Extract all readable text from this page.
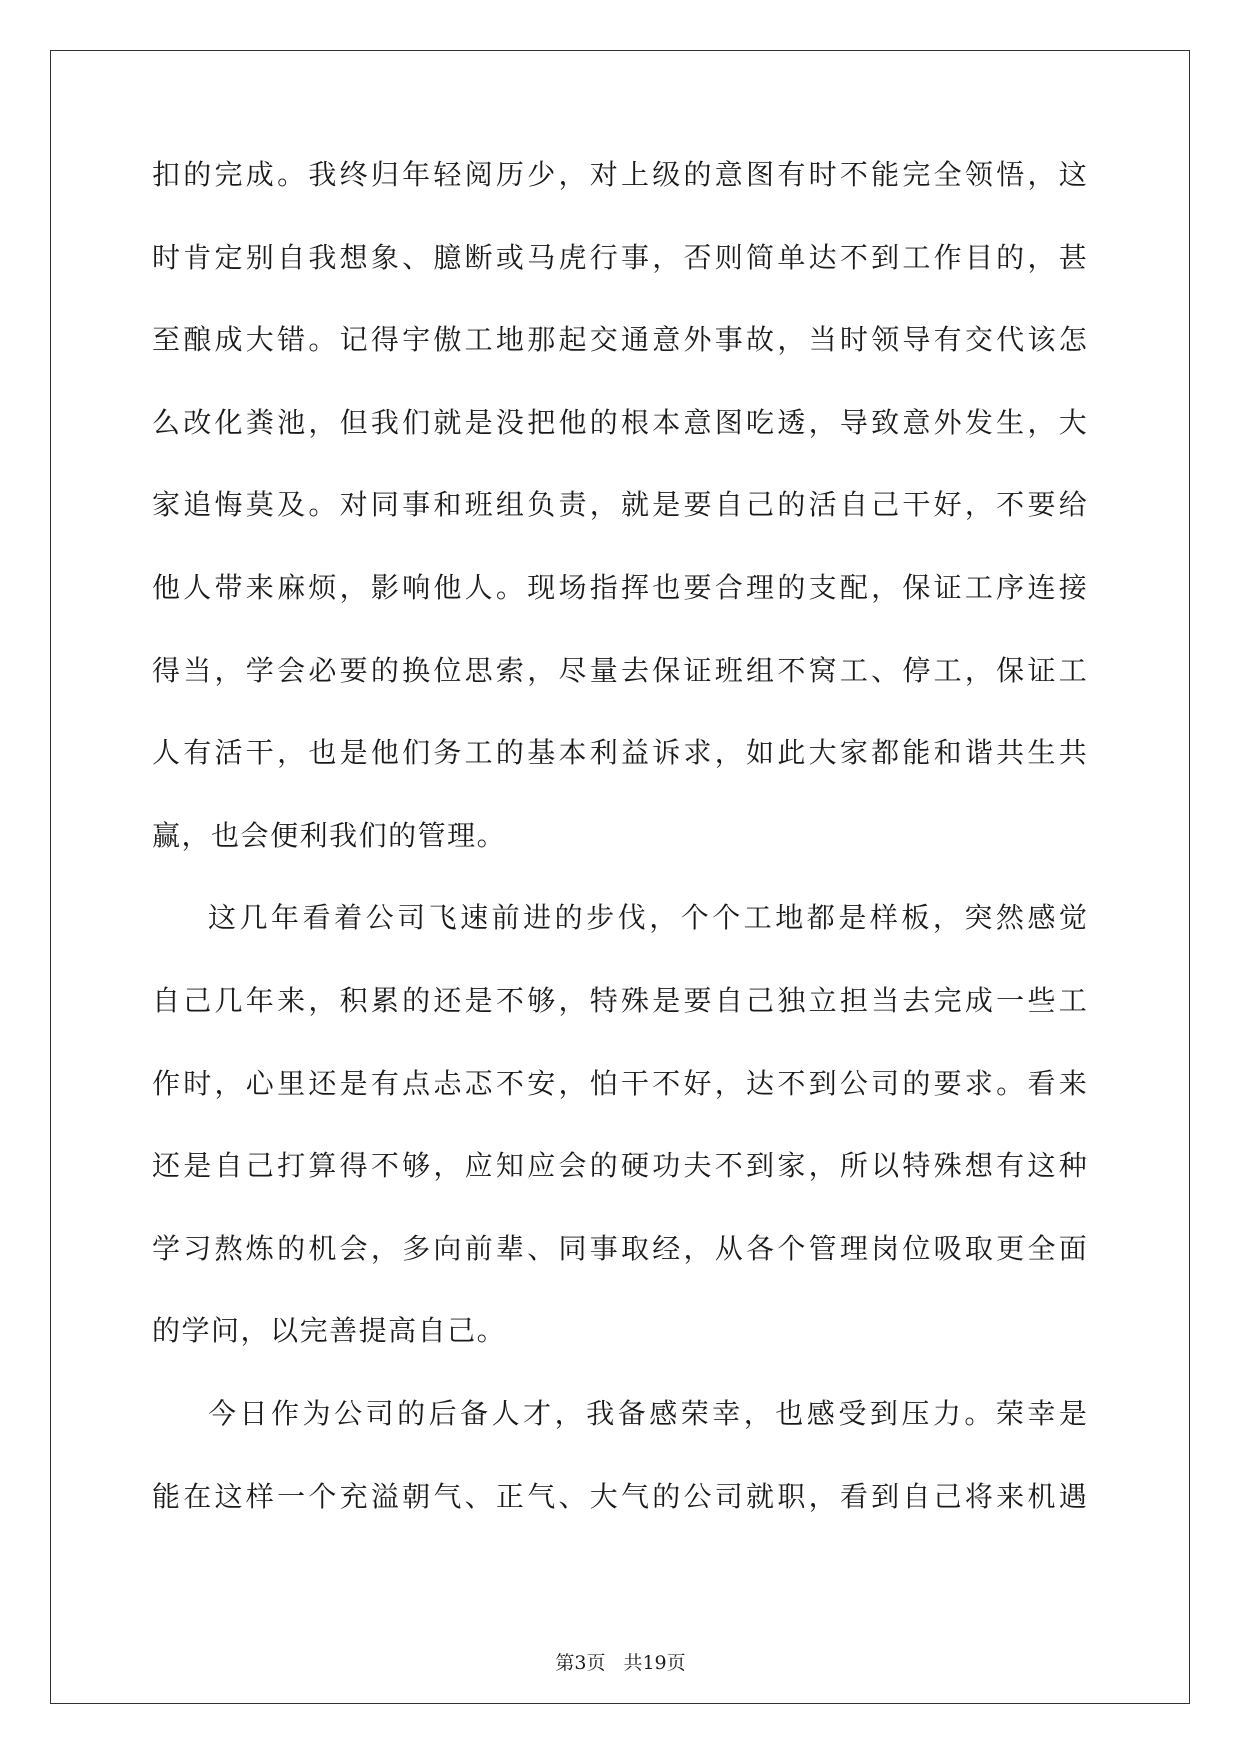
扣 的 完 成 。 我 终 归 年 轻 阅 历 少 ， 对 上 级 的 意 图 有 时 不 能 完 全 领 悟 ， 这
时 肯 定 别 自 我 想 象 、 臆 断 或 马 虎 行 事 ， 否 则 简 单 达 不 到 工 作 目 的 ， 甚
至 酿 成 大 错 。 记 得 宇 傲 工 地 那 起 交 通 意 外 事 故 ， 当 时 领 导 有 交 代 该 怎
么 改 化 粪 池 ， 但 我 们 就 是 没 把 他 的 根 本 意 图 吃 透 ， 导 致 意 外 发 生 ， 大
家 追 悔 莫 及 。 对 同 事 和 班 组 负 责 ， 就 是 要 自 己 的 活 自 己 干 好 ， 不 要 给
他 人 带 来 麻 烦 ， 影 响 他 人 。 现 场 指 挥 也 要 合 理 的 支 配 ， 保 证 工 序 连 接
得 当 ， 学 会 必 要 的 换 位 思 索 ， 尽 量 去 保 证 班 组 不 窝 工 、 停 工 ， 保 证 工
人 有 活 干 ， 也 是 他 们 务 工 的 基 本 利 益 诉 求 ， 如 此 大 家 都 能 和 谐 共 生 共
赢 ， 也 会 便 利 我 们 的 管 理 。
这 几 年 看 着 公 司 飞 速 前 进 的 步 伐 ， 个 个 工 地 都 是 样 板 ， 突 然 感 觉
自 己 几 年 来 ， 积 累 的 还 是 不 够 ， 特 殊 是 要 自 己 独 立 担 当 去 完 成 一 些 工
作 时 ， 心 里 还 是 有 点 忐 忑 不 安 ， 怕 干 不 好 ， 达 不 到 公 司 的 要 求 。 看 来
还 是 自 己 打 算 得 不 够 ， 应 知 应 会 的 硬 功 夫 不 到 家 ， 所 以 特 殊 想 有 这 种
学 习 熬 炼 的 机 会 ， 多 向 前 辈 、 同 事 取 经 ， 从 各 个 管 理 岗 位 吸 取 更 全 面
的 学 问 ， 以 完 善 提 高 自 己 。
今 日 作 为 公 司 的 后 备 人 才 ， 我 备 感 荣 幸 ， 也 感 受 到 压 力 。 荣 幸 是
能 在 这 样 一 个 充 溢 朝 气 、 正 气 、 大 气 的 公 司 就 职 ， 看 到 自 己 将 来 机 遇
第3页 共19页
